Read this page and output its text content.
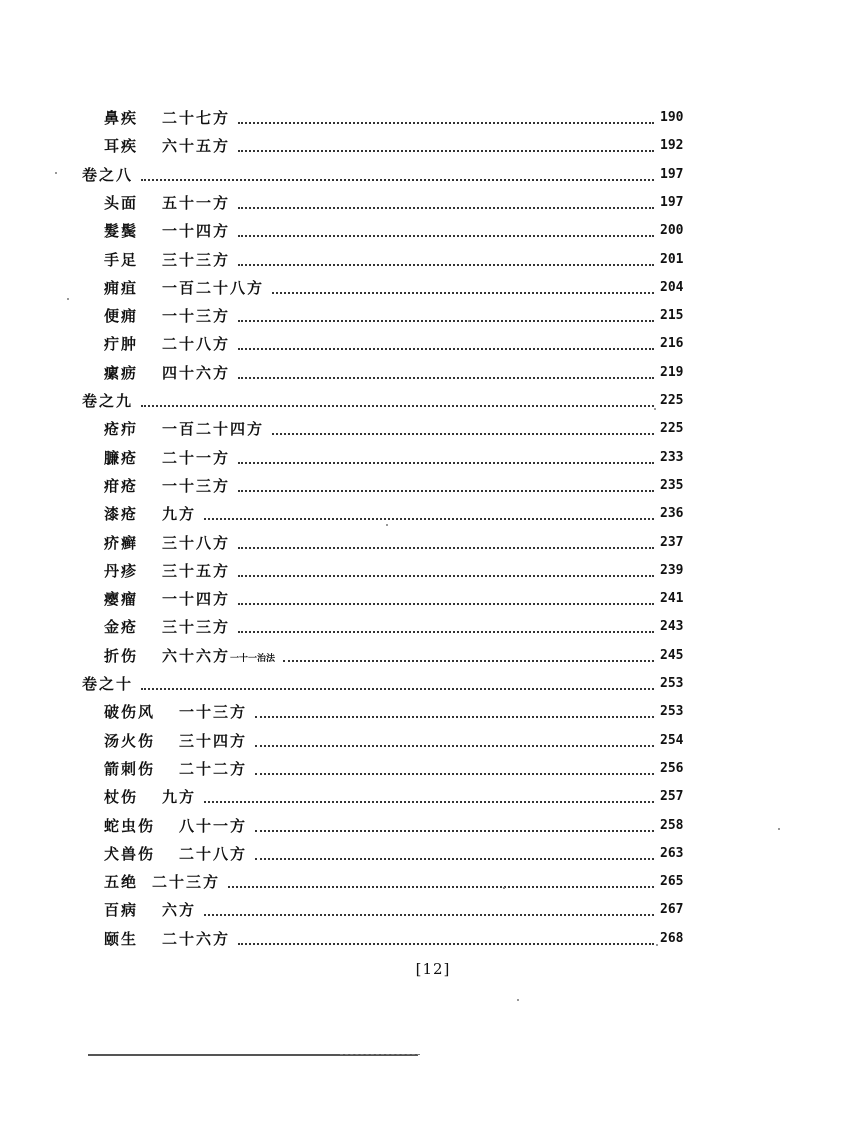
鼻疾 二十七方	190
耳疾 六十五方	192
卷之八	197
头面 五十一方	197
髮鬓 一十四方	200
手足 三十三方	201
痈疽 一百二十八方	204
便痈 一十三方	215
疔肿 二十八方	216
瘰疬 四十六方	219
卷之九	225
疮疖 一百二十四方	225
臁疮 二十一方	233
疳疮 一十三方	235
漆疮 九方	236
疥癣 三十八方	237
丹疹 三十五方	239
瘿瘤 一十四方	241
金疮 三十三方	243
折伤 六十六方一十一治法	245
卷之十	253
破伤风 一十三方	253
汤火伤 三十四方	254
箭刺伤 二十二方	256
杖伤 九方	257
蛇虫伤 八十一方	258
犬兽伤 二十八方	263
五绝 二十三方	265
百病 六方	267
颐生 二十六方	268
[12]
